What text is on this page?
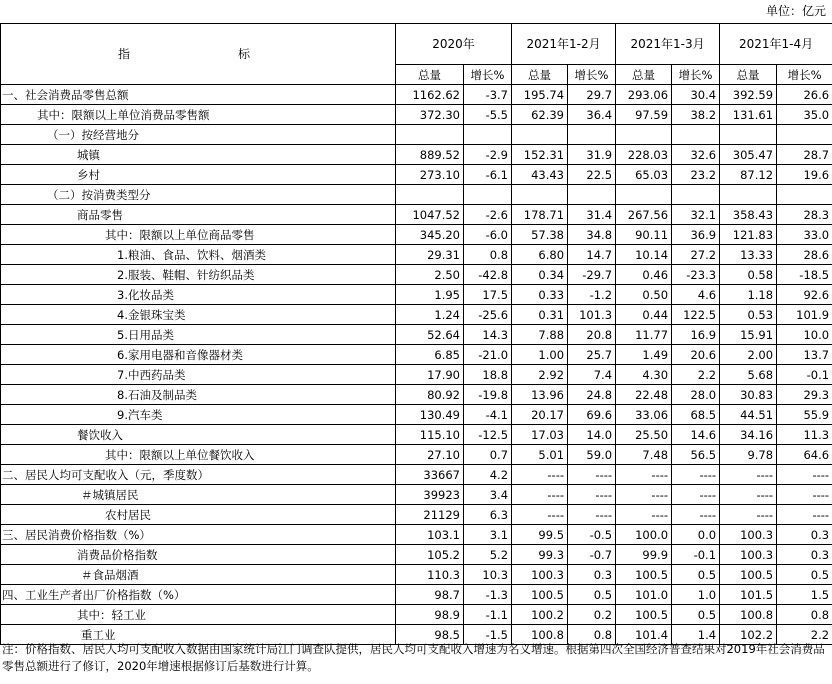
单位：亿元
指　　标	2020年		2021年1-2月		2021年1-3月		2021年1-4月	
	总量	增长%	总量	增长%	总量	增长%	总量	增长%
一、社会消费品零售总额	1162.62	-3.7	195.74	29.7	293.06	30.4	392.59	26.6
其中：限额以上单位消费品零售额	372.30	-5.5	62.39	36.4	97.59	38.2	131.61	35.0
（一）按经营地分								
城镇	889.52	-2.9	152.31	31.9	228.03	32.6	305.47	28.7
乡村	273.10	-6.1	43.43	22.5	65.03	23.2	87.12	19.6
（二）按消费类型分								
商品零售	1047.52	-2.6	178.71	31.4	267.56	32.1	358.43	28.3
其中：限额以上单位商品零售	345.20	-6.0	57.38	34.8	90.11	36.9	121.83	33.0
1.粮油、食品、饮料、烟酒类	29.31	0.8	6.80	14.7	10.14	27.2	13.33	28.6
2.服装、鞋帽、针纺织品类	2.50	-42.8	0.34	-29.7	0.46	-23.3	0.58	-18.5
3.化妆品类	1.95	17.5	0.33	-1.2	0.50	4.6	1.18	92.6
4.金银珠宝类	1.24	-25.6	0.31	101.3	0.44	122.5	0.53	101.9
5.日用品类	52.64	14.3	7.88	20.8	11.77	16.9	15.91	10.0
6.家用电器和音像器材类	6.85	-21.0	1.00	25.7	1.49	20.6	2.00	13.7
7.中西药品类	17.90	18.8	2.92	7.4	4.30	2.2	5.68	-0.1
8.石油及制品类	80.92	-19.8	13.96	24.8	22.48	28.0	30.83	29.3
9.汽车类	130.49	-4.1	20.17	69.6	33.06	68.5	44.51	55.9
餐饮收入	115.10	-12.5	17.03	14.0	25.50	14.6	34.16	11.3
其中：限额以上单位餐饮收入	27.10	0.7	5.01	59.0	7.48	56.5	9.78	64.6
二、居民人均可支配收入（元，季度数）	33667	4.2	----	----	----	----	----	----
＃城镇居民	39923	3.4	----	----	----	----	----	----
农村居民	21129	6.3	----	----	----	----	----	----
三、居民消费价格指数（%）	103.1	3.1	99.5	-0.5	100.0	0.0	100.3	0.3
消费品价格指数	105.2	5.2	99.3	-0.7	99.9	-0.1	100.3	0.3
＃食品烟酒	110.3	10.3	100.3	0.3	100.5	0.5	100.5	0.5
四、工业生产者出厂价格指数（%）	98.7	-1.3	100.5	0.5	101.0	1.0	101.5	1.5
其中：轻工业	98.9	-1.1	100.2	0.2	100.5	0.5	100.8	0.8
重工业	98.5	-1.5	100.8	0.8	101.4	1.4	102.2	2.2
注：价格指数、居民人均可支配收入数据由国家统计局江门调查队提供，居民人均可支配收入增速为名义增速。根据第四次全国经济普查结果对2019年社会消费品零售总额进行了修订，2020年增速根据修订后基数进行计算。
